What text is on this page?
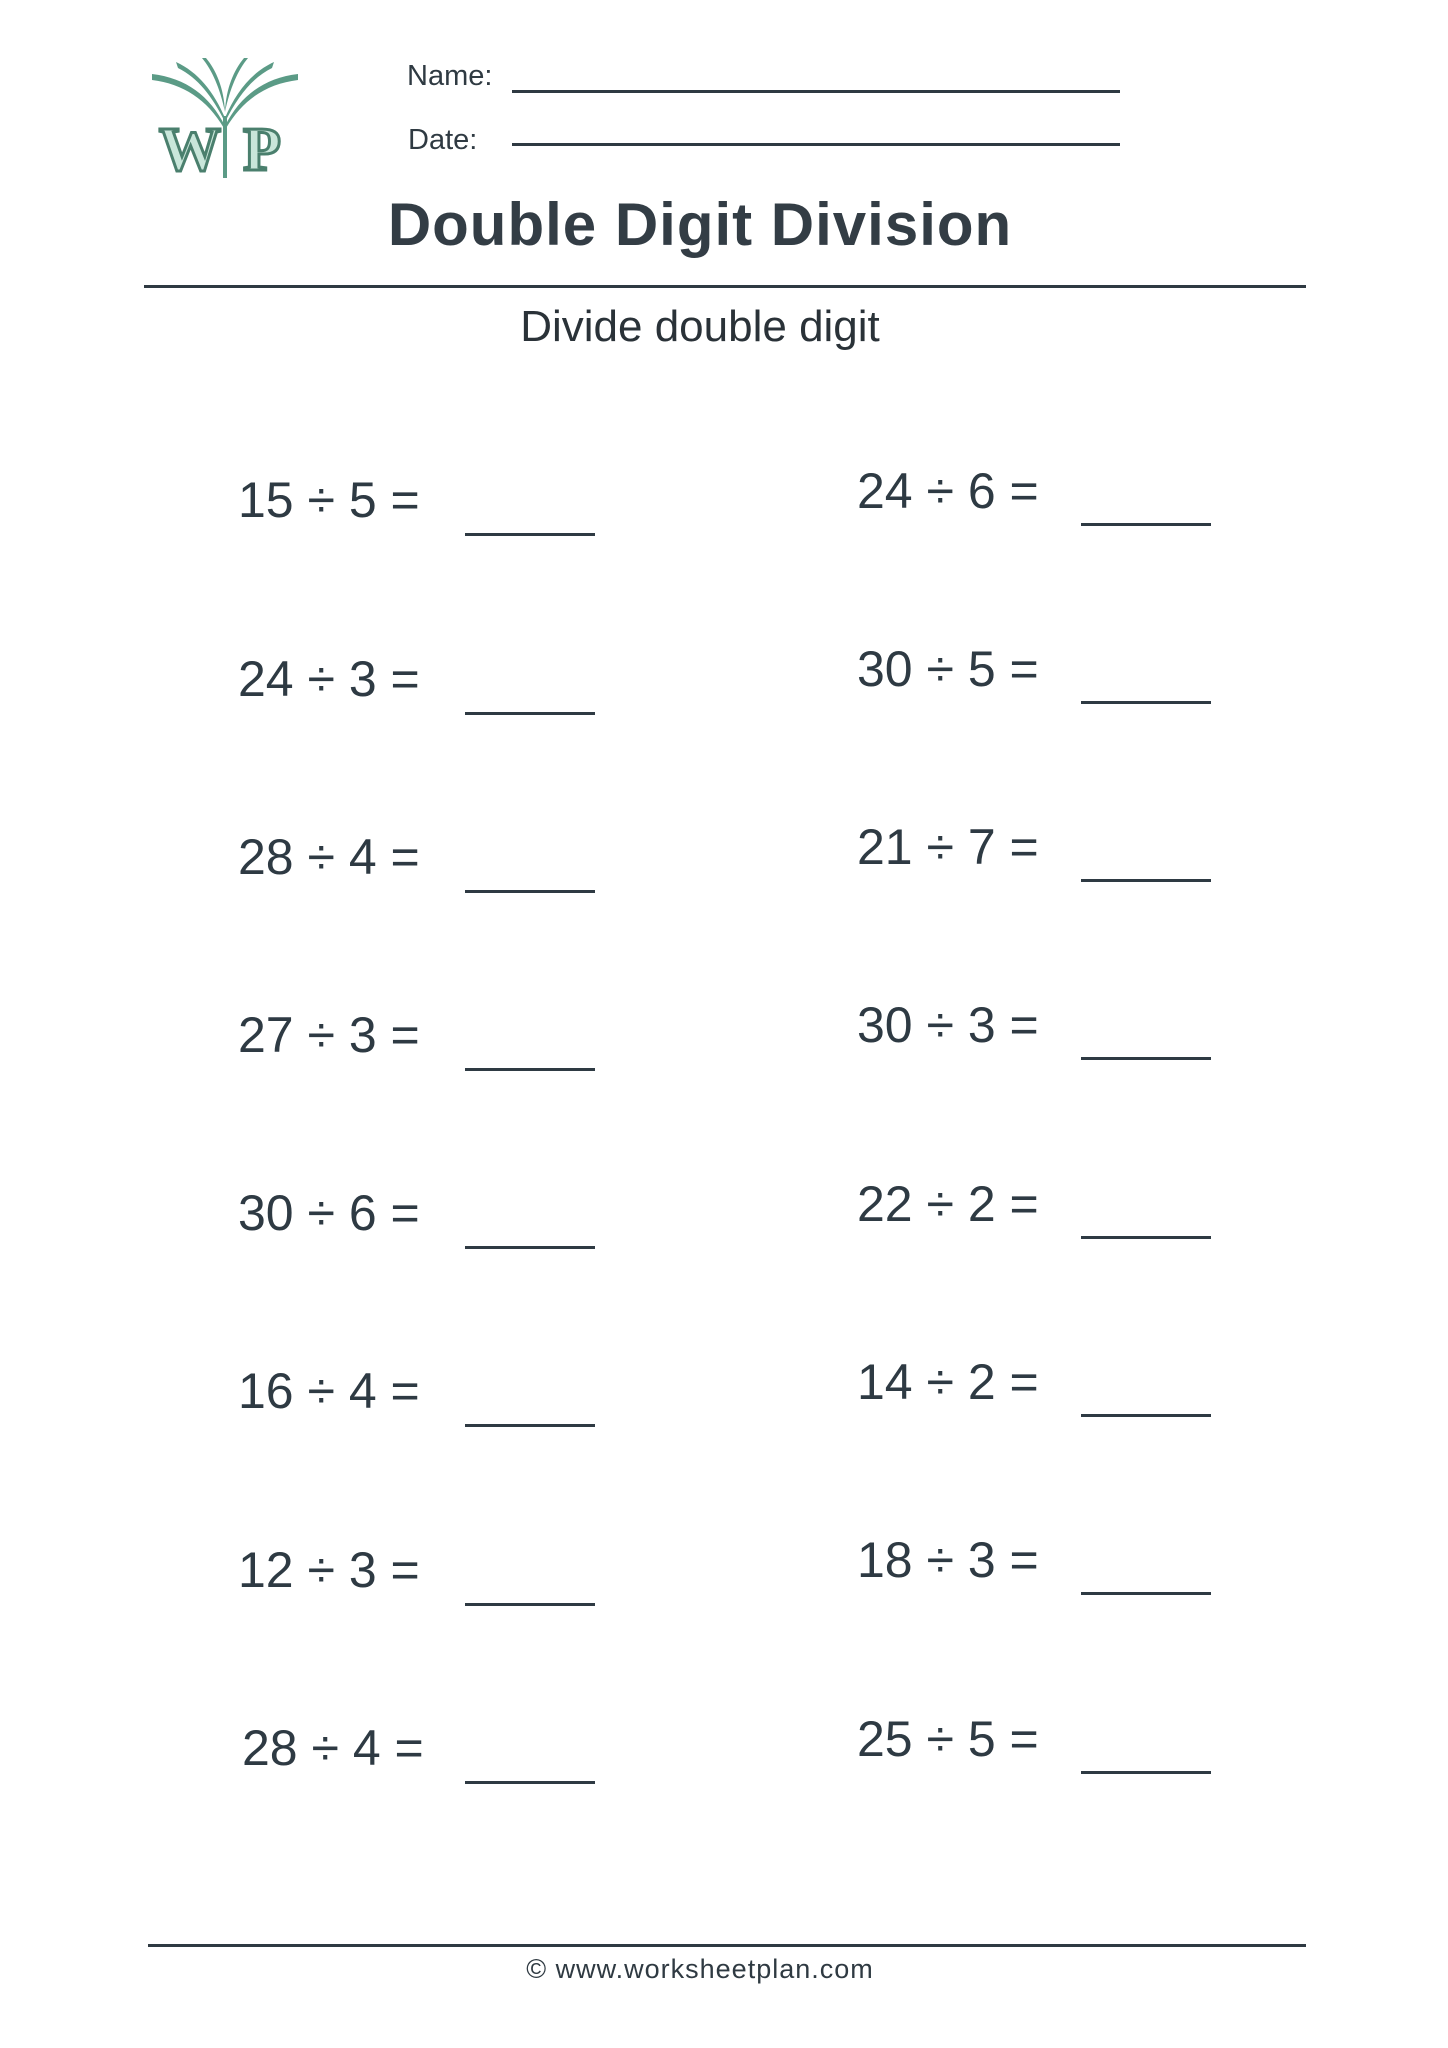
W P
Name:
Date:
Double Digit Division
Divide double digit
15 ÷ 5 =
24 ÷ 3 =
28 ÷ 4 =
27 ÷ 3 =
30 ÷ 6 =
16 ÷ 4 =
12 ÷ 3 =
28 ÷ 4 =
24 ÷ 6 =
30 ÷ 5 =
21 ÷ 7 =
30 ÷ 3 =
22 ÷ 2 =
14 ÷ 2 =
18 ÷ 3 =
25 ÷ 5 =
© www.worksheetplan.com
